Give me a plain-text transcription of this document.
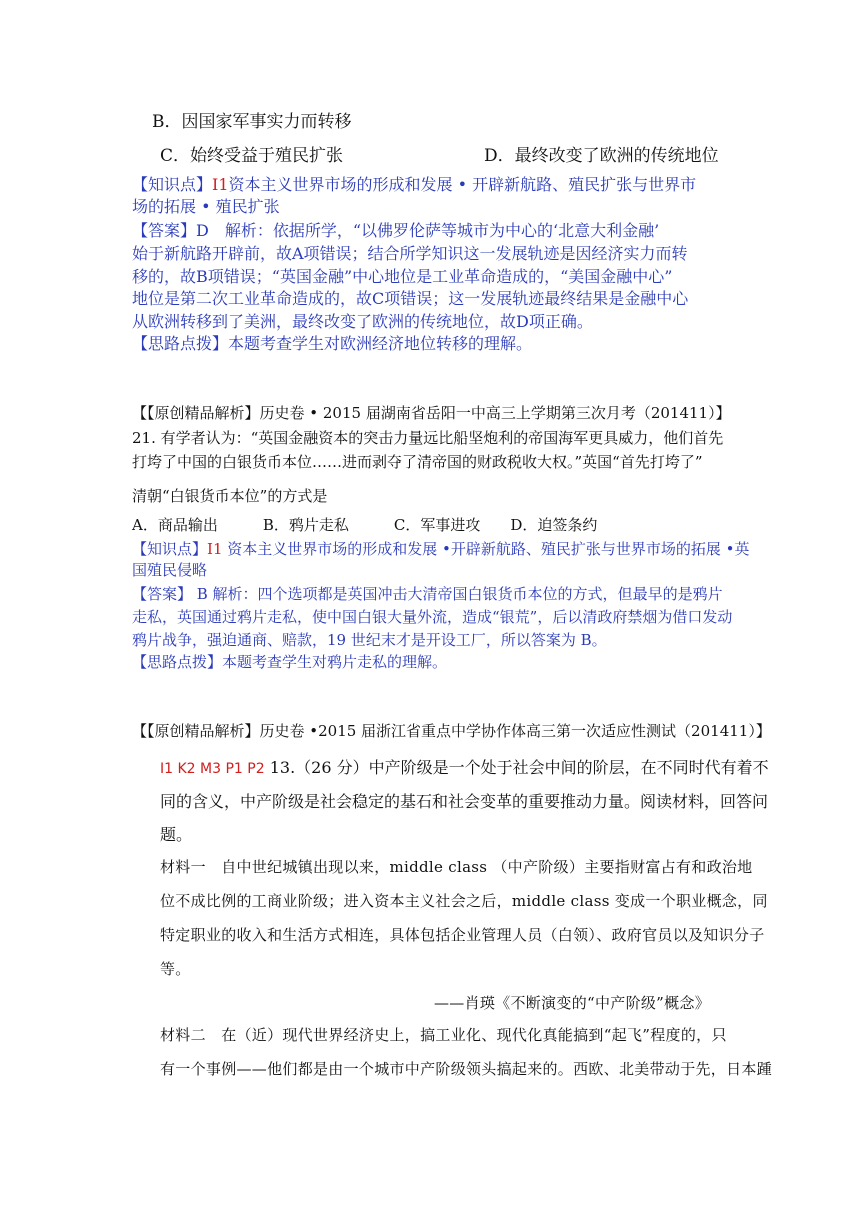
B．因国家军事实力而转移
C．始终受益于殖民扩张	D．最终改变了欧洲的传统地位
【知识点】I1资本主义世界市场的形成和发展 • 开辟新航路、殖民扩张与世界市
场的拓展 • 殖民扩张
【答案】D　解析：依据所学，“以佛罗伦萨等城市为中心的‘北意大利金融’
始于新航路开辟前，故A项错误；结合所学知识这一发展轨迹是因经济实力而转
移的，故B项错误；“英国金融”中心地位是工业革命造成的，“美国金融中心”
地位是第二次工业革命造成的，故C项错误；这一发展轨迹最终结果是金融中心
从欧洲转移到了美洲，最终改变了欧洲的传统地位，故D项正确。
【思路点拨】本题考查学生对欧洲经济地位转移的理解。
【【原创精品解析】历史卷 • 2015 届湖南省岳阳一中高三上学期第三次月考（201411）】
21. 有学者认为：“英国金融资本的突击力量远比船坚炮利的帝国海军更具威力，他们首先
打垮了中国的白银货币本位……进而剥夺了清帝国的财政税收大权。”英国“首先打垮了”
清朝“白银货币本位”的方式是
A．商品输出　　　B．鸦片走私　　　C．军事进攻　　D．迫签条约
【知识点】I1 资本主义世界市场的形成和发展 •开辟新航路、殖民扩张与世界市场的拓展 •英
国殖民侵略
【答案】 B 解析：四个选项都是英国冲击大清帝国白银货币本位的方式，但最早的是鸦片
走私，英国通过鸦片走私，使中国白银大量外流，造成“银荒”，后以清政府禁烟为借口发动
鸦片战争，强迫通商、赔款，19 世纪末才是开设工厂，所以答案为 B。
【思路点拨】本题考查学生对鸦片走私的理解。
【【原创精品解析】历史卷 •2015 届浙江省重点中学协作体高三第一次适应性测试（201411）】
I1 K2 M3 P1 P2 13.（26 分）中产阶级是一个处于社会中间的阶层，在不同时代有着不
同的含义，中产阶级是社会稳定的基石和社会变革的重要推动力量。阅读材料，回答问
题。
材料一　自中世纪城镇出现以来，middle class （中产阶级）主要指财富占有和政治地
位不成比例的工商业阶级；进入资本主义社会之后，middle class 变成一个职业概念，同
特定职业的收入和生活方式相连，具体包括企业管理人员（白领）、政府官员以及知识分子
等。
——肖瑛《不断演变的“中产阶级”概念》
材料二　在（近）现代世界经济史上，搞工业化、现代化真能搞到“起飞”程度的，只
有一个事例——他们都是由一个城市中产阶级领头搞起来的。西欧、北美带动于先，日本踵
